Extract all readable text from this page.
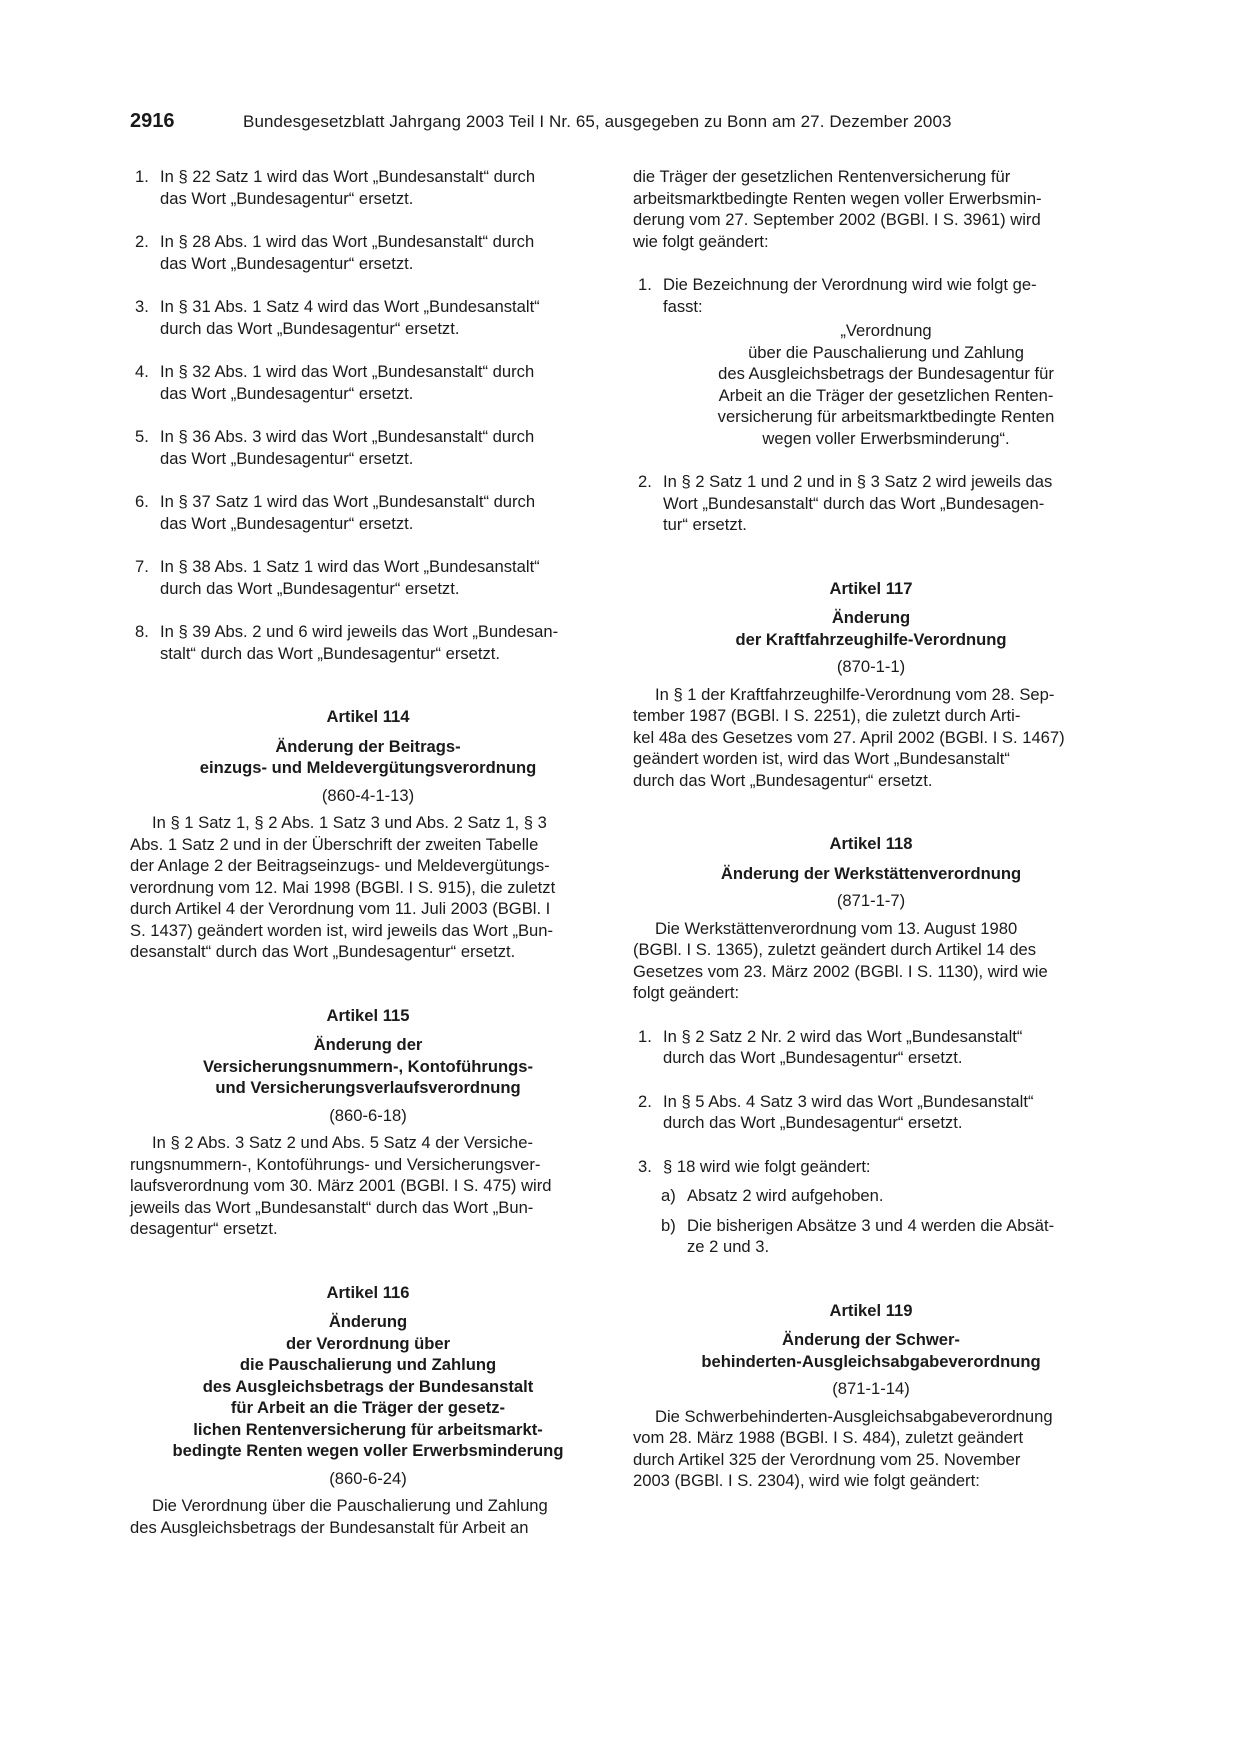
2916	Bundesgesetzblatt Jahrgang 2003 Teil I Nr. 65, ausgegeben zu Bonn am 27. Dezember 2003
1. In § 22 Satz 1 wird das Wort „Bundesanstalt“ durch
das Wort „Bundesagentur“ ersetzt.
2. In § 28 Abs. 1 wird das Wort „Bundesanstalt“ durch
das Wort „Bundesagentur“ ersetzt.
3. In § 31 Abs. 1 Satz 4 wird das Wort „Bundesanstalt“
durch das Wort „Bundesagentur“ ersetzt.
4. In § 32 Abs. 1 wird das Wort „Bundesanstalt“ durch
das Wort „Bundesagentur“ ersetzt.
5. In § 36 Abs. 3 wird das Wort „Bundesanstalt“ durch
das Wort „Bundesagentur“ ersetzt.
6. In § 37 Satz 1 wird das Wort „Bundesanstalt“ durch
das Wort „Bundesagentur“ ersetzt.
7. In § 38 Abs. 1 Satz 1 wird das Wort „Bundesanstalt“
durch das Wort „Bundesagentur“ ersetzt.
8. In § 39 Abs. 2 und 6 wird jeweils das Wort „Bundesan-
stalt“ durch das Wort „Bundesagentur“ ersetzt.
Artikel 114
Änderung der Beitrags-
einzugs- und Meldevergütungsverordnung
(860-4-1-13)
In § 1 Satz 1, § 2 Abs. 1 Satz 3 und Abs. 2 Satz 1, § 3
Abs. 1 Satz 2 und in der Überschrift der zweiten Tabelle
der Anlage 2 der Beitragseinzugs- und Meldevergütungs-
verordnung vom 12. Mai 1998 (BGBl. I S. 915), die zuletzt
durch Artikel 4 der Verordnung vom 11. Juli 2003 (BGBl. I
S. 1437) geändert worden ist, wird jeweils das Wort „Bun-
desanstalt“ durch das Wort „Bundesagentur“ ersetzt.
Artikel 115
Änderung der
Versicherungsnummern-, Kontoführungs-
und Versicherungsverlaufsverordnung
(860-6-18)
In § 2 Abs. 3 Satz 2 und Abs. 5 Satz 4 der Versiche-
rungsnummern-, Kontoführungs- und Versicherungsver-
laufsverordnung vom 30. März 2001 (BGBl. I S. 475) wird
jeweils das Wort „Bundesanstalt“ durch das Wort „Bun-
desagentur“ ersetzt.
Artikel 116
Änderung
der Verordnung über
die Pauschalierung und Zahlung
des Ausgleichsbetrags der Bundesanstalt
für Arbeit an die Träger der gesetz-
lichen Rentenversicherung für arbeitsmarkt-
bedingte Renten wegen voller Erwerbsminderung
(860-6-24)
Die Verordnung über die Pauschalierung und Zahlung
des Ausgleichsbetrags der Bundesanstalt für Arbeit an
die Träger der gesetzlichen Rentenversicherung für
arbeitsmarktbedingte Renten wegen voller Erwerbsmin-
derung vom 27. September 2002 (BGBl. I S. 3961) wird
wie folgt geändert:
1. Die Bezeichnung der Verordnung wird wie folgt ge-
fasst:
„Verordnung
über die Pauschalierung und Zahlung
des Ausgleichsbetrags der Bundesagentur für
Arbeit an die Träger der gesetzlichen Renten-
versicherung für arbeitsmarktbedingte Renten
wegen voller Erwerbsminderung“.
2. In § 2 Satz 1 und 2 und in § 3 Satz 2 wird jeweils das
Wort „Bundesanstalt“ durch das Wort „Bundesagen-
tur“ ersetzt.
Artikel 117
Änderung
der Kraftfahrzeughilfe-Verordnung
(870-1-1)
In § 1 der Kraftfahrzeughilfe-Verordnung vom 28. Sep-
tember 1987 (BGBl. I S. 2251), die zuletzt durch Arti-
kel 48a des Gesetzes vom 27. April 2002 (BGBl. I S. 1467)
geändert worden ist, wird das Wort „Bundesanstalt“
durch das Wort „Bundesagentur“ ersetzt.
Artikel 118
Änderung der Werkstättenverordnung
(871-1-7)
Die Werkstättenverordnung vom 13. August 1980
(BGBl. I S. 1365), zuletzt geändert durch Artikel 14 des
Gesetzes vom 23. März 2002 (BGBl. I S. 1130), wird wie
folgt geändert:
1. In § 2 Satz 2 Nr. 2 wird das Wort „Bundesanstalt“
durch das Wort „Bundesagentur“ ersetzt.
2. In § 5 Abs. 4 Satz 3 wird das Wort „Bundesanstalt“
durch das Wort „Bundesagentur“ ersetzt.
3. § 18 wird wie folgt geändert:
a) Absatz 2 wird aufgehoben.
b) Die bisherigen Absätze 3 und 4 werden die Absät-
ze 2 und 3.
Artikel 119
Änderung der Schwer-
behinderten-Ausgleichsabgabeverordnung
(871-1-14)
Die Schwerbehinderten-Ausgleichsabgabeverordnung
vom 28. März 1988 (BGBl. I S. 484), zuletzt geändert
durch Artikel 325 der Verordnung vom 25. November
2003 (BGBl. I S. 2304), wird wie folgt geändert:
